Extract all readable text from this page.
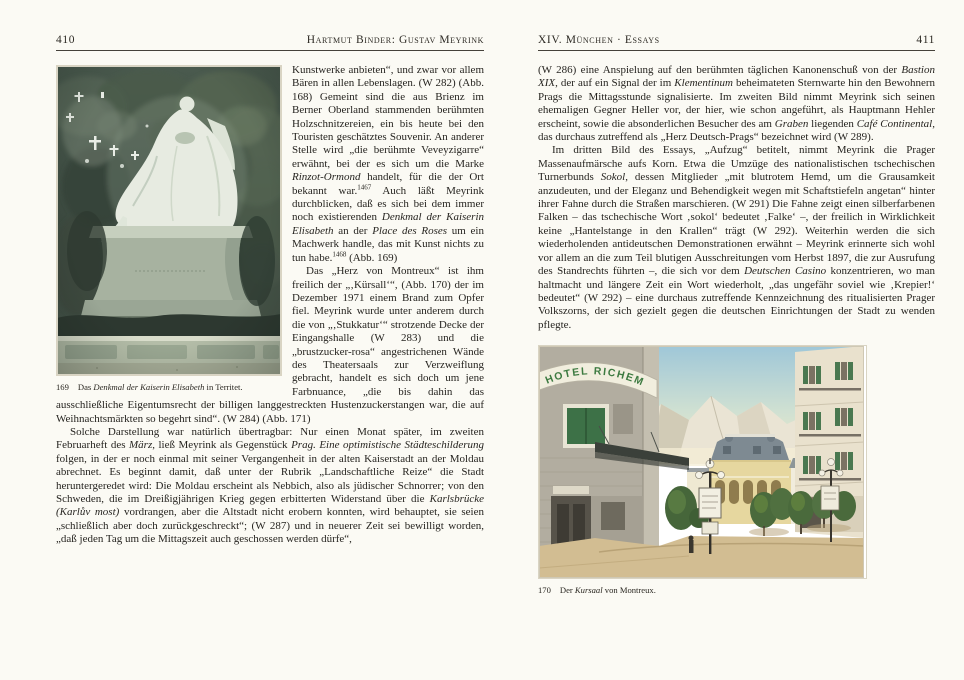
410	Hartmut Binder: Gustav Meyrink
169 Das Denkmal der Kaiserin Elisabeth in Territet.

Kunstwerke anbieten“, und zwar vor allem Bären in allen Lebenslagen. (W 282) (Abb. 168) Gemeint sind die aus Brienz im Berner Oberland stammenden berühmten Holzschnitzereien, ein bis heute bei den Touristen geschätztes Souvenir. An anderer Stelle wird „die berühmte Veveyzigarre“ erwähnt, bei der es sich um die Marke Rinzot-Ormond handelt, für die der Ort bekannt war.$^{1467}$ Auch läßt Meyrink durchblicken, daß es sich bei dem immer noch existierenden Denkmal der Kaiserin Elisabeth an der Place des Roses um ein Machwerk handle, das mit Kunst nichts zu tun habe.$^{1468}$ (Abb. 169)

Das „Herz von Montreux“ ist ihm freilich der „‚Kürsall‘“, (Abb. 170) der im Dezember 1971 einem Brand zum Opfer fiel. Meyrink wurde unter anderem durch die von „‚Stukkatur‘“ strotzende Decke der Eingangshalle (W 283) und die „brustzucker-rosa“ angestrichenen Wände des Theatersaals zur Verzweiflung gebracht, handelt es sich doch um jene Farbnuance, „die bis dahin das ausschließliche Eigentumsrecht der billigen langgestreckten Hustenzuckerstangen war, die auf Weihnachtsmärkten so begehrt sind“. (W 284) (Abb. 171)

Solche Darstellung war natürlich übertragbar: Nur einen Monat später, im zweiten Februarheft des März, ließ Meyrink als Gegenstück Prag. Eine optimistische Städteschilderung folgen, in der er noch einmal mit seiner Vergangenheit in der alten Kaiserstadt an der Moldau abrechnet. Es beginnt damit, daß unter der Rubrik „Landschaftliche Reize“ die Stadt heruntergeredet wird: Die Moldau erscheint als Nebbich, also als jüdischer Schnorrer; von den Schweden, die im Dreißigjährigen Krieg gegen erbitterten Widerstand über die Karlsbrücke (Karlův most) vordrangen, aber die Altstadt nicht erobern konnten, wird behauptet, sie seien „schließlich aber doch zurückgeschreckt“; (W 287) und in neuerer Zeit sei bewilligt worden, „daß jeden Tag um die Mittagszeit auch geschossen werden dürfe“,

XIV. München · Essays	411

(W 286) eine Anspielung auf den berühmten täglichen Kanonenschuß von der Bastion XIX, der auf ein Signal der im Klementinum beheimateten Sternwarte hin den Bewohnern Prags die Mittagsstunde signalisierte. Im zweiten Bild nimmt Meyrink sich seinen ehemaligen Gegner Heller vor, der hier, wie schon angeführt, als Hauptmann Hehler erscheint, sowie die absonderlichen Besucher des am Graben liegenden Café Continental, das durchaus zutreffend als „Herz Deutsch-Prags“ bezeichnet wird (W 289).

Im dritten Bild des Essays, „Aufzug“ betitelt, nimmt Meyrink die Prager Massenaufmärsche aufs Korn. Etwa die Umzüge des nationalistischen tschechischen Turnerbunds Sokol, dessen Mitglieder „mit blutrotem Hemd, um die Grausamkeit anzudeuten, und der Eleganz und Behendigkeit wegen mit Schaftstiefeln angetan“ hinter ihrer Fahne durch die Straßen marschieren. (W 291) Die Fahne zeigt einen silberfarbenen Falken – das tschechische Wort ‚sokol‘ bedeutet ‚Falke‘ –, der freilich in Wirklichkeit keine „Hantelstange in den Krallen“ trägt (W 292). Weiterhin werden die sich wiederholenden antideutschen Demonstrationen erwähnt – Meyrink erinnerte sich wohl vor allem an die zum Teil blutigen Ausschreitungen vom Herbst 1897, die zur Ausrufung des Standrechts führten –, die sich vor dem Deutschen Casino konzentrieren, wo man haltmacht und längere Zeit ein Wort wiederholt, „das ungefähr soviel wie ‚Krepier!‘ bedeutet“ (W 292) – eine durchaus zutreffende Kennzeichnung des ritualisierten Prager Volkszorns, der sich gezielt gegen die deutschen Einrichtungen der Stadt zu wenden pflegte.

HOTEL RICHEM
170 Der Kursaal von Montreux.
